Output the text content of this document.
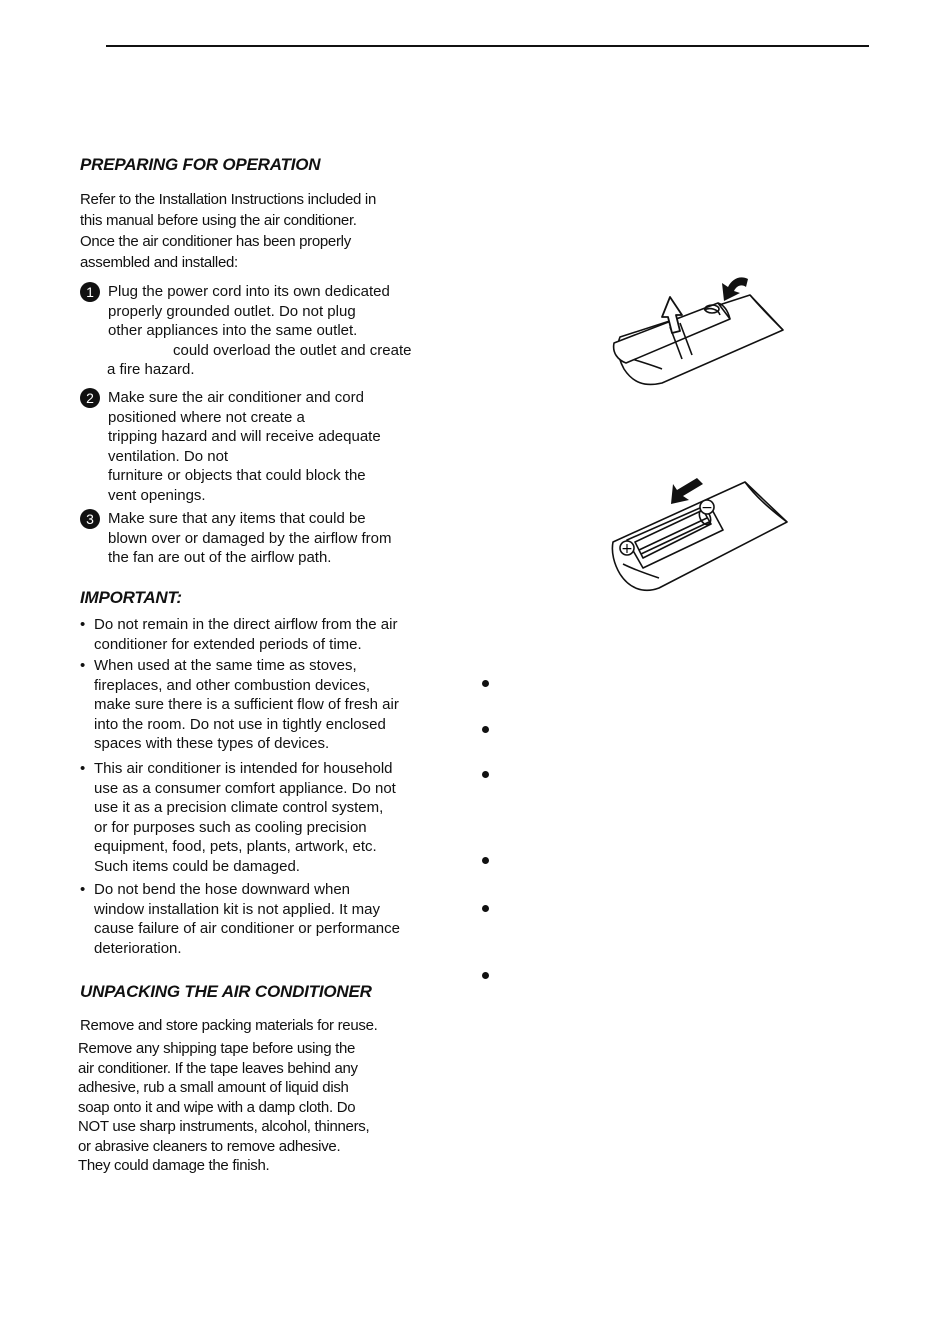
PREPARING FOR OPERATION
Refer to the Installation Instructions included in
this manual before using the air conditioner.
Once the air conditioner has been properly
assembled and installed:
1 Plug the power cord into its own dedicated
properly grounded outlet. Do not plug
other appliances into the same outlet.
could overload the outlet and create
a fire hazard.
2 Make sure the air conditioner and cord
positioned where not create a
tripping hazard and will receive adequate
ventilation. Do not
furniture or objects that could block the
vent openings.
3 Make sure that any items that could be
blown over or damaged by the airflow from
the fan are out of the airflow path.
IMPORTANT:
• Do not remain in the direct airflow from the air
conditioner for extended periods of time.
• When used at the same time as stoves,
fireplaces, and other combustion devices,
make sure there is a sufficient flow of fresh air
into the room. Do not use in tightly enclosed
spaces with these types of devices.
• This air conditioner is intended for household
use as a consumer comfort appliance. Do not
use it as a precision climate control system,
or for purposes such as cooling precision
equipment, food, pets, plants, artwork, etc.
Such items could be damaged.
• Do not bend the hose downward when
window installation kit is not applied. It may
cause failure of air conditioner or performance
deterioration.
UNPACKING THE AIR CONDITIONER
Remove and store packing materials for reuse.
Remove any shipping tape before using the
air conditioner. If the tape leaves behind any
adhesive, rub a small amount of liquid dish
soap onto it and wipe with a damp cloth. Do
NOT use sharp instruments, alcohol, thinners,
or abrasive cleaners to remove adhesive.
They could damage the finish.
+
−
